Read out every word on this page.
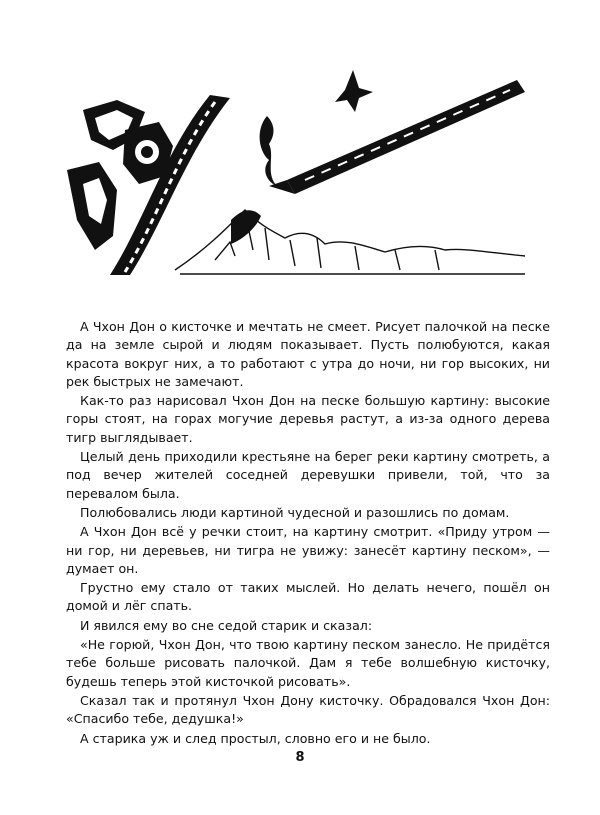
А Чхон Дон о кисточке и мечтать не смеет. Рисует палочкой на песке да на земле сырой и людям показывает. Пусть полюбуются, какая красота вокруг них, а то работают с утра до ночи, ни гор высоких, ни рек быстрых не замечают.

Как-то раз нарисовал Чхон Дон на песке большую картину: высокие горы стоят, на горах могучие деревья растут, а из-за одного дерева тигр выглядывает.

Целый день приходили крестьяне на берег реки картину смотреть, а под вечер жителей соседней деревушки привели, той, что за перевалом была.

Полюбовались люди картиной чудесной и разошлись по домам.

А Чхон Дон всё у речки стоит, на картину смотрит. «Приду утром — ни гор, ни деревьев, ни тигра не увижу: занесёт картину песком», — думает он.

Грустно ему стало от таких мыслей. Но делать нечего, пошёл он домой и лёг спать.

И явился ему во сне седой старик и сказал:

«Не горюй, Чхон Дон, что твою картину песком занесло. Не придётся тебе больше рисовать палочкой. Дам я тебе волшебную кисточку, будешь теперь этой кисточкой рисовать».

Сказал так и протянул Чхон Дону кисточку. Обрадовался Чхон Дон: «Спасибо тебе, дедушка!»

А старика уж и след простыл, словно его и не было.

8
